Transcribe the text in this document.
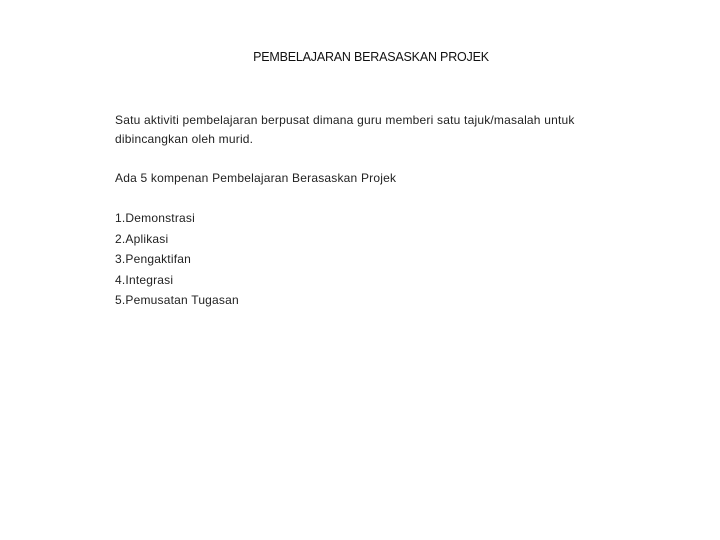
PEMBELAJARAN BERASASKAN PROJEK

Satu aktiviti pembelajaran berpusat dimana guru memberi satu tajuk/masalah untuk

dibincangkan oleh murid.

Ada 5 kompenan Pembelajaran Berasaskan Projek
1.Demonstrasi
2.Aplikasi
3.Pengaktifan
4.Integrasi
5.Pemusatan Tugasan
